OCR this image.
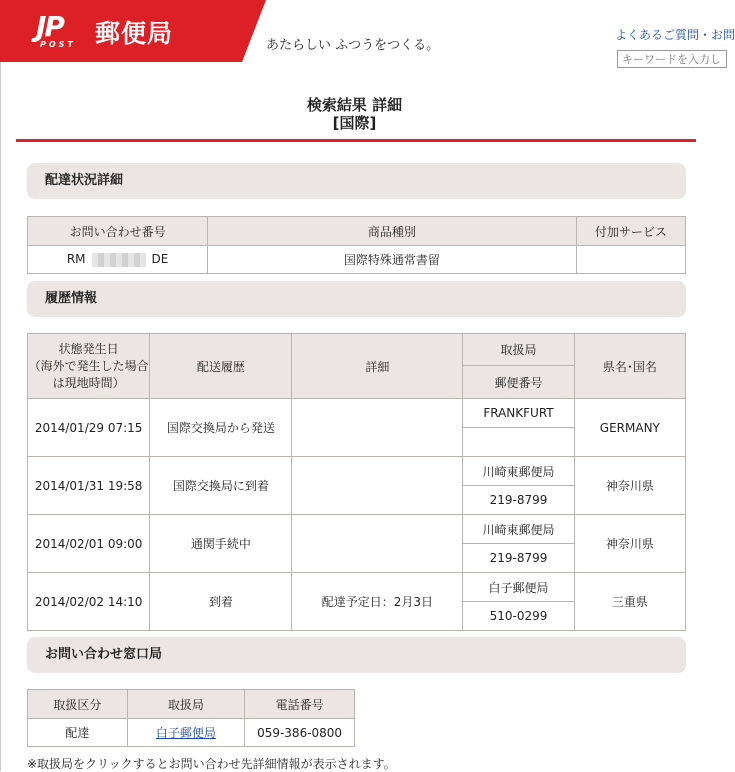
JP
POST 郵便局	あたらしい ふつうをつくる。
よくあるご質問・お問
キーワードを入力し
検索結果 詳細
[国際]
配達状況詳細
お問い合わせ番号	商品種別	付加サービス
RM DE	国際特殊通常書留	
履歴情報
状態発生日
（海外で発生した場合は現地時間）	配送履歴	詳細	取扱局	県名･国名
			郵便番号	
2014/01/29 07:15	国際交換局から発送		FRANKFURT	GERMANY

2014/01/31 19:58	国際交換局に到着		川崎東郵便局	神奈川県
			219-8799	
2014/02/01 09:00	通関手続中		川崎東郵便局	神奈川県
			219-8799	
2014/02/02 14:10	到着	配達予定日：2月3日	白子郵便局	三重県
			510-0299	
お問い合わせ窓口局
取扱区分	取扱局	電話番号
配達	白子郵便局	059-386-0800
※取扱局をクリックするとお問い合わせ先詳細情報が表示されます。
